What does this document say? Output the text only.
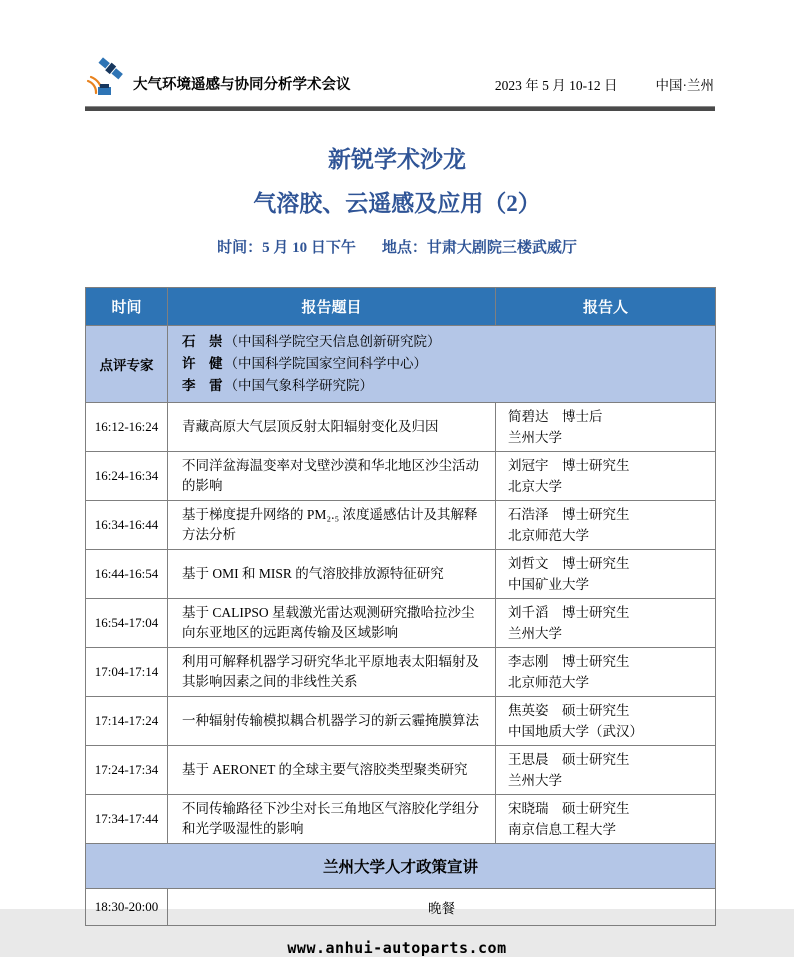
大气环境遥感与协同分析学术会议	2023 年 5 月 10-12 日	中国·兰州
新锐学术沙龙
气溶胶、云遥感及应用（2）
时间：5 月 10 日下午 地点：甘肃大剧院三楼武威厅
时间	报告题目	报告人
点评专家	石　崇 （中国科学院空天信息创新研究院）
许　健 （中国科学院国家空间科学中心）
李　雷 （中国气象科学研究院）	

16:12-16:24	青藏高原大气层顶反射太阳辐射变化及归因	简碧达　博士后
兰州大学

16:24-16:34	不同洋盆海温变率对戈壁沙漠和华北地区沙尘活动的影响	刘冠宇　博士研究生
北京大学

16:34-16:44	基于梯度提升网络的 PM₂.₅ 浓度遥感估计及其解释方法分析	石浩泽　博士研究生
北京师范大学

16:44-16:54	基于 OMI 和 MISR 的气溶胶排放源特征研究	刘哲文　博士研究生
中国矿业大学

16:54-17:04	基于 CALIPSO 星载激光雷达观测研究撒哈拉沙尘向东亚地区的远距离传输及区域影响	刘千滔　博士研究生
兰州大学

17:04-17:14	利用可解释机器学习研究华北平原地表太阳辐射及其影响因素之间的非线性关系	李志刚　博士研究生
北京师范大学

17:14-17:24	一种辐射传输模拟耦合机器学习的新云霾掩膜算法	焦英姿　硕士研究生
中国地质大学（武汉）

17:24-17:34	基于 AERONET 的全球主要气溶胶类型聚类研究	王思晨　硕士研究生
兰州大学

17:34-17:44	不同传输路径下沙尘对长三角地区气溶胶化学组分和光学吸湿性的影响	宋晓瑞　硕士研究生
南京信息工程大学

兰州大学人才政策宣讲		
18:30-20:00	晚餐	
www.anhui-autoparts.com
